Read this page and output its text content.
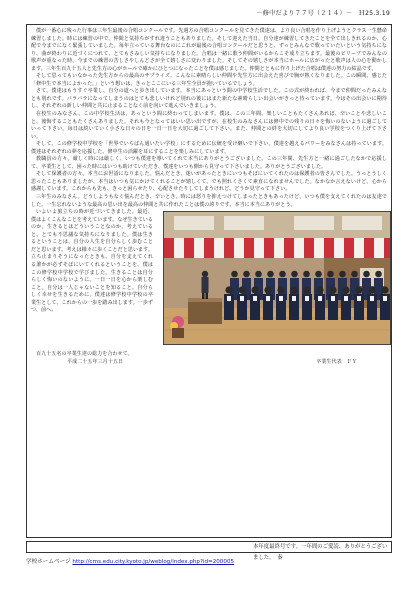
－修中だより７７号（２１４）－　Ｈ25.3.19

僕が一番心に残った行事は三年生最後の合唱コンクールです。先週方の合唱コンクールを見てきた僕達は、より良い合唱を作り上げようとクラス一生懸命練習しました。時には練習の中で、仲間と気持ちがすれ違うこともありました。そして迎えた当日。自分達が練習してきたことを全て出しきれるのか、心配で今までになく緊張していました。毎年立っている舞台なのにこれが最後の合唱コンクールだと思うと、ずっとみんなで歌っていたいという気持ちになり、曲が終わりに近づくにつれて、とてもさみしい気持ちになりました。合唱は一緒に歌う仲間がいるからこそ成り立ちます。最後のピリーブでみんなの歌声が重なった時、今までの練習の苦しさやしんどさが全て嬉しさに変わりました。そしてその嬉しさが本当にホールに広がったと歌声は人の心を動かします。三年生百九十五人と先生方の心がホールで確かにひとつになったことを僕は感じました。仲間とともに作り上げた合唱は僕達の努力の結晶です。

そして思ってもいなかった先生方からの最高のサプライズ。こんなに素晴らしい仲間や先生方に出会えた喜びで胸が熱くなりました。この瞬間、感じた「修中生で本当によかった。」という想いは、きっとここにいる三年生全員が抱いているでしょう。

さて、僕達はもうすぐ卒業し、自分の道へと歩き出しています。本当にあっという間の中学校生活でした。この式が終われば、今まで仲間だったみんなとも別れです。バラバラになってしまうのはとても悲しいけれど別れの後にはまた新たな素晴らしい出会いがきっと待っています。今はその出会いに期待し、それぞれの新しい仲間と共に止まることなく前を向いて進んでいきましょう。

在校生のみなさん。この中学校生活は、あっという間に終わってしまいます。僕は、この三年間、楽しいこともたくさんあれば、辛いことや悲しいこと、後悔することもたくさんありました。それも今となってはいい思い出ですが、在校生のみなさんには修中での残りの日々を悔いのないように過ごしていって下さい。毎日は続いていく小さな日々の日を一日一日を大切に過ごして下さい。また、仲間との絆を大切にしてより良い学校をつくり上げて下さい。

そして、この修学校中学校を「世界でいちばん通いたい学校」にするために伝統を受け継いで下さい。僕達を越えるパワーをみなさんは持っています。僕達はそれぞれの夢を応援した、修中生の活躍を耳にすることを楽しみにしています。

教職員の方々。厳しく時には厳しく、いつも僕達を導いてくれて本当にありがとうございました。この三年間、先生方と一緒に過ごしたなかで応援して、卒業生として、困った時にはいつも助けていただき、僕達をいつも側から見守って下さいました。ありがとうございました。

そして保護者の方々。本当にお世話になりました。悩んだとき、迷いがあったときにいつもそばにいてくれたのは保護者の皆さんでした。うっとうしく思ったこともありましたが、本当はいつも気にかけてくれることが嬉しくて、でも照れくさくて素直になれませんでした。なかなか言えないけど、心から感謝しています。これからも先も、きっと困らせたり、心配させたりしてしまうけれど、どうか見守って下さい。

三年生のみなさん。どうしようもなく悩んだとき、辛いとき、時には怒りを抑えつけてしまったときもあったけど、いつも僕を支えてくれたのは友達でした。一生忘れないような最高の思い出を最高の仲間と共に作れたことは僕の誇りです。本当に本当にありがとう。

いよいよ旅立ちの時が近づいてきました。最近、僕はよくこんなことを考えています。なぜ生きているのか。生きるとはどういうことなのか。考えていると、とても不思議な気持ちになりました。僕は生きるということは、自分の人生を自分らしく歩むことだと思います。考えは様々に歩くことだと思います。立ち止まりそうになったときも、自分を支えてくれる誰かが必ずそばにいてくれるということを、僕はこの修学校中学校で学びました。生きることは自分らしく悔いのないように。一日一日を心から楽しむこと。自分は一人じゃないことを知ること。自分らしく幸せを生きるために。僕達は修学校中学校の卒業生として、これからの一歩を踏み出します。一歩ずつ、前へ。

百九十五名の卒業生達の総力を合わせて。

平成二十五年三月十五日	卒業生代表　ＦＹ
本年度最終号です。一年間のご愛読、ありがとうございました。　秦
学校ホームページ http://cms.edu.city.kyoto.jp/weblog/index.php?id=200005
